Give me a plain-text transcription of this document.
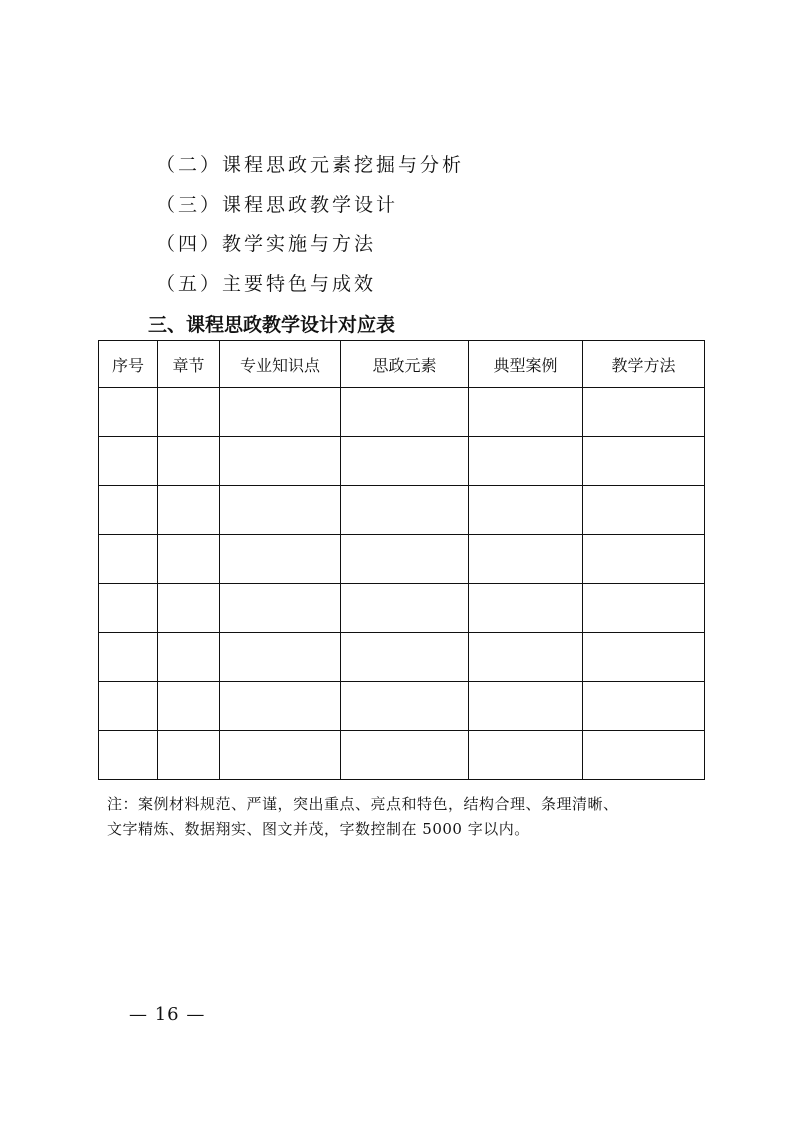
（二）课程思政元素挖掘与分析
（三）课程思政教学设计
（四）教学实施与方法
（五）主要特色与成效
三、课程思政教学设计对应表
序号	章节	专业知识点	思政元素	典型案例	教学方法

注：案例材料规范、严谨，突出重点、亮点和特色，结构合理、条理清晰、
文字精炼、数据翔实、图文并茂，字数控制在 5000 字以内。
— 16 —
